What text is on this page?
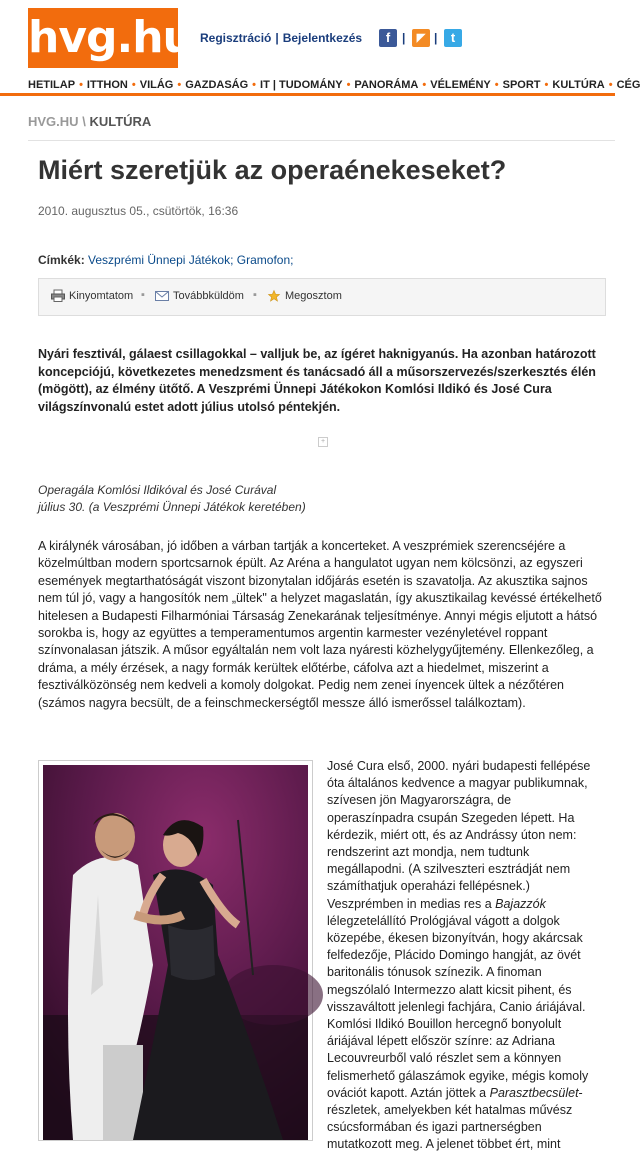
hvg.hu Regisztráció | Bejelentkezés	f |	◤ |	t
HETILAP • ITTHON • VILÁG • GAZDASÁG • IT | TUDOMÁNY • PANORÁMA • VÉLEMÉNY • SPORT • KULTÚRA • CÉG
HVG.HU \ KULTÚRA
Miért szeretjük az operaénekeseket?
2010. augusztus 05., csütörtök, 16:36
Címkék: Veszprémi Ünnepi Játékok; Gramofon;
Kinyomtatom ▪	Továbbküldöm ▪	Megosztom

Nyári fesztivál, gálaest csillagokkal – valljuk be, az ígéret haknigyanús. Ha azonban határozott koncepciójú, következetes menedzsment és tanácsadó áll a műsorszervezés/szerkesztés élén (mögött), az élmény ütőtő. A Veszprémi Ünnepi Játékokon Komlósi Ildikó és José Cura világszínvonalú estet adott július utolsó péntekjén.

+
Operagála Komlósi Ildikóval és José Curával
július 30. (a Veszprémi Ünnepi Játékok keretében)

A királynék városában, jó időben a várban tartják a koncerteket. A veszprémiek szerencséjére a közelmúltban modern sportcsarnok épült. Az Aréna a hangulatot ugyan nem kölcsönzi, az egyszeri események megtarthatóságát viszont bizonytalan időjárás esetén is szavatolja. Az akusztika sajnos nem túl jó, vagy a hangosítók nem „ültek" a helyzet magaslatán, így akusztikailag kevéssé értékelhető hitelesen a Budapesti Filharmóniai Társaság Zenekarának teljesítménye. Annyi mégis eljutott a hátsó sorokba is, hogy az együttes a temperamentumos argentin karmester vezényletével roppant színvonalasan játszik. A műsor egyáltalán nem volt laza nyáresti közhelygyűjtemény. Ellenkezőleg, a dráma, a mély érzések, a nagy formák kerültek előtérbe, cáfolva azt a hiedelmet, miszerint a fesztiválközönség nem kedveli a komoly dolgokat. Pedig nem zenei ínyencek ültek a nézőtéren (számos nagyra becsült, de a feinschmeckerségtől messze álló ismerőssel találkoztam).

José Cura első, 2000. nyári budapesti fellépése óta általános kedvence a magyar publikumnak, szívesen jön Magyarországra, de operaszínpadra csupán Szegeden lépett. Ha kérdezik, miért ott, és az Andrássy úton nem: rendszerint azt mondja, nem tudtunk megállapodni. (A szilveszteri esztrádját nem számíthatjuk operaházi fellépésnek.) Veszprémben in medias res a Bajazzók lélegzetelállító Prológjával vágott a dolgok közepébe, ékesen bizonyítván, hogy akárcsak felfedezője, Plácido Domingo hangját, az övét baritonális tónusok színezik. A finoman megszólaló Intermezzo alatt kicsit pihent, és visszaváltott jelenlegi fachjára, Canio áriájával. Komlósi Ildikó Bouillon hercegnő bonyolult áriájával lépett először színre: az Adriana Lecouvreurből való részlet sem a könnyen felismerhető gálaszámok egyike, mégis komoly ovációt kapott. Aztán jöttek a Parasztbecsület-részletek, amelyekben két hatalmas művész csúcsformában és igazi partnerségben mutatkozott meg. A jelenet többet ért, mint
